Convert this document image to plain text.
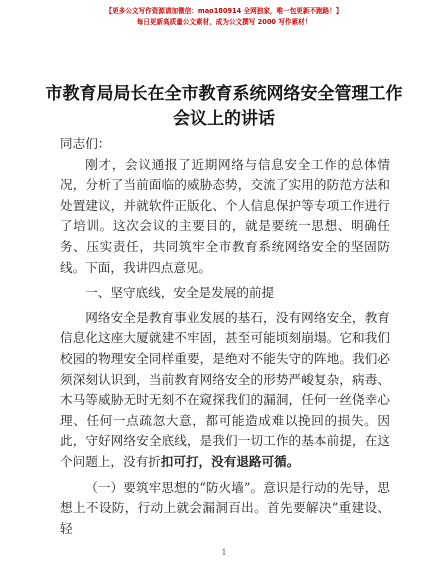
【更多公文写作资源请加微信：mao180914 全网独家，唯一包更新不跑路！】
每日更新高质量公文素材，成为公文撰写 2000 写作素材！
市教育局局长在全市教育系统网络安全管理工作会议上的讲话

同志们：

刚才，会议通报了近期网络与信息安全工作的总体情况，分析了当前面临的威胁态势，交流了实用的防范方法和处置建议，并就软件正版化、个人信息保护等专项工作进行了培训。这次会议的主要目的，就是要统一思想、明确任务、压实责任，共同筑牢全市教育系统网络安全的坚固防线。下面，我讲四点意见。

一、坚守底线，安全是发展的前提

网络安全是教育事业发展的基石，没有网络安全，教育信息化这座大厦就建不牢固，甚至可能顷刻崩塌。它和我们校园的物理安全同样重要，是绝对不能失守的阵地。我们必须深刻认识到，当前教育网络安全的形势严峻复杂，病毒、木马等威胁无时无刻不在窥探我们的漏洞，任何一丝侥幸心理、任何一点疏忽大意，都可能造成难以挽回的损失。因此，守好网络安全底线，是我们一切工作的基本前提，在这个问题上，没有折扣可打，没有退路可循。

（一）要筑牢思想的“防火墙”。意识是行动的先导，思想上不设防，行动上就会漏洞百出。首先要解决“重建设、轻

1
